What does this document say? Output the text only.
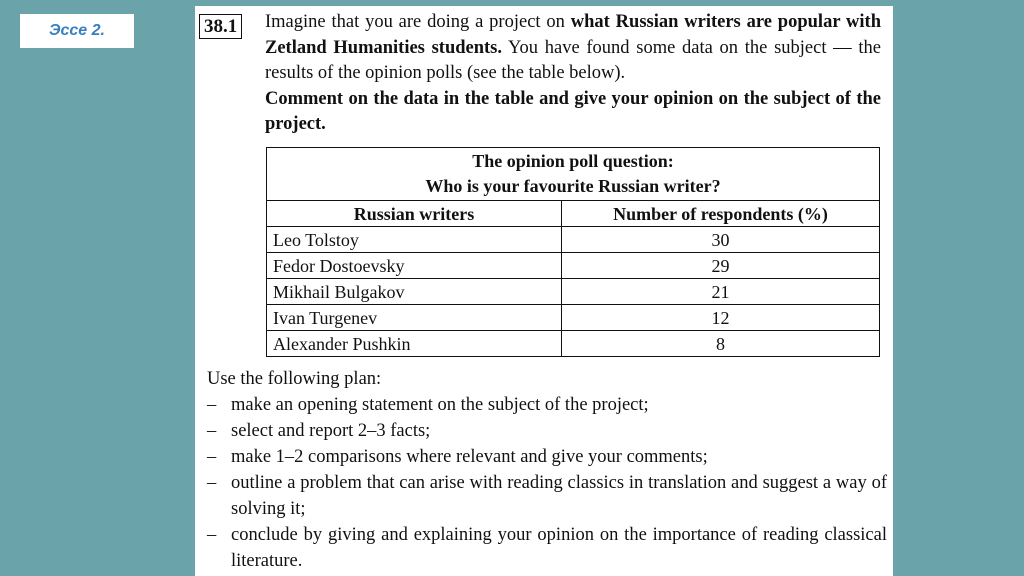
Эссе 2.	38.1 Imagine that you are doing a project on what Russian writers are popular with Zetland Humanities students. You have found some data on the subject — the results of the opinion polls (see the table below).
Comment on the data in the table and give your opinion on the subject of the project.
The opinion poll question:
Who is your favourite Russian writer?	
Russian writers	Number of respondents (%)
Leo Tolstoy	30
Fedor Dostoevsky	29
Mikhail Bulgakov	21
Ivan Turgenev	12
Alexander Pushkin	8
Use the following plan:
– make an opening statement on the subject of the project;
– select and report 2–3 facts;
– make 1–2 comparisons where relevant and give your comments;
– outline a problem that can arise with reading classics in translation and suggest a way of solving it;
– conclude by giving and explaining your opinion on the importance of reading classical literature.
